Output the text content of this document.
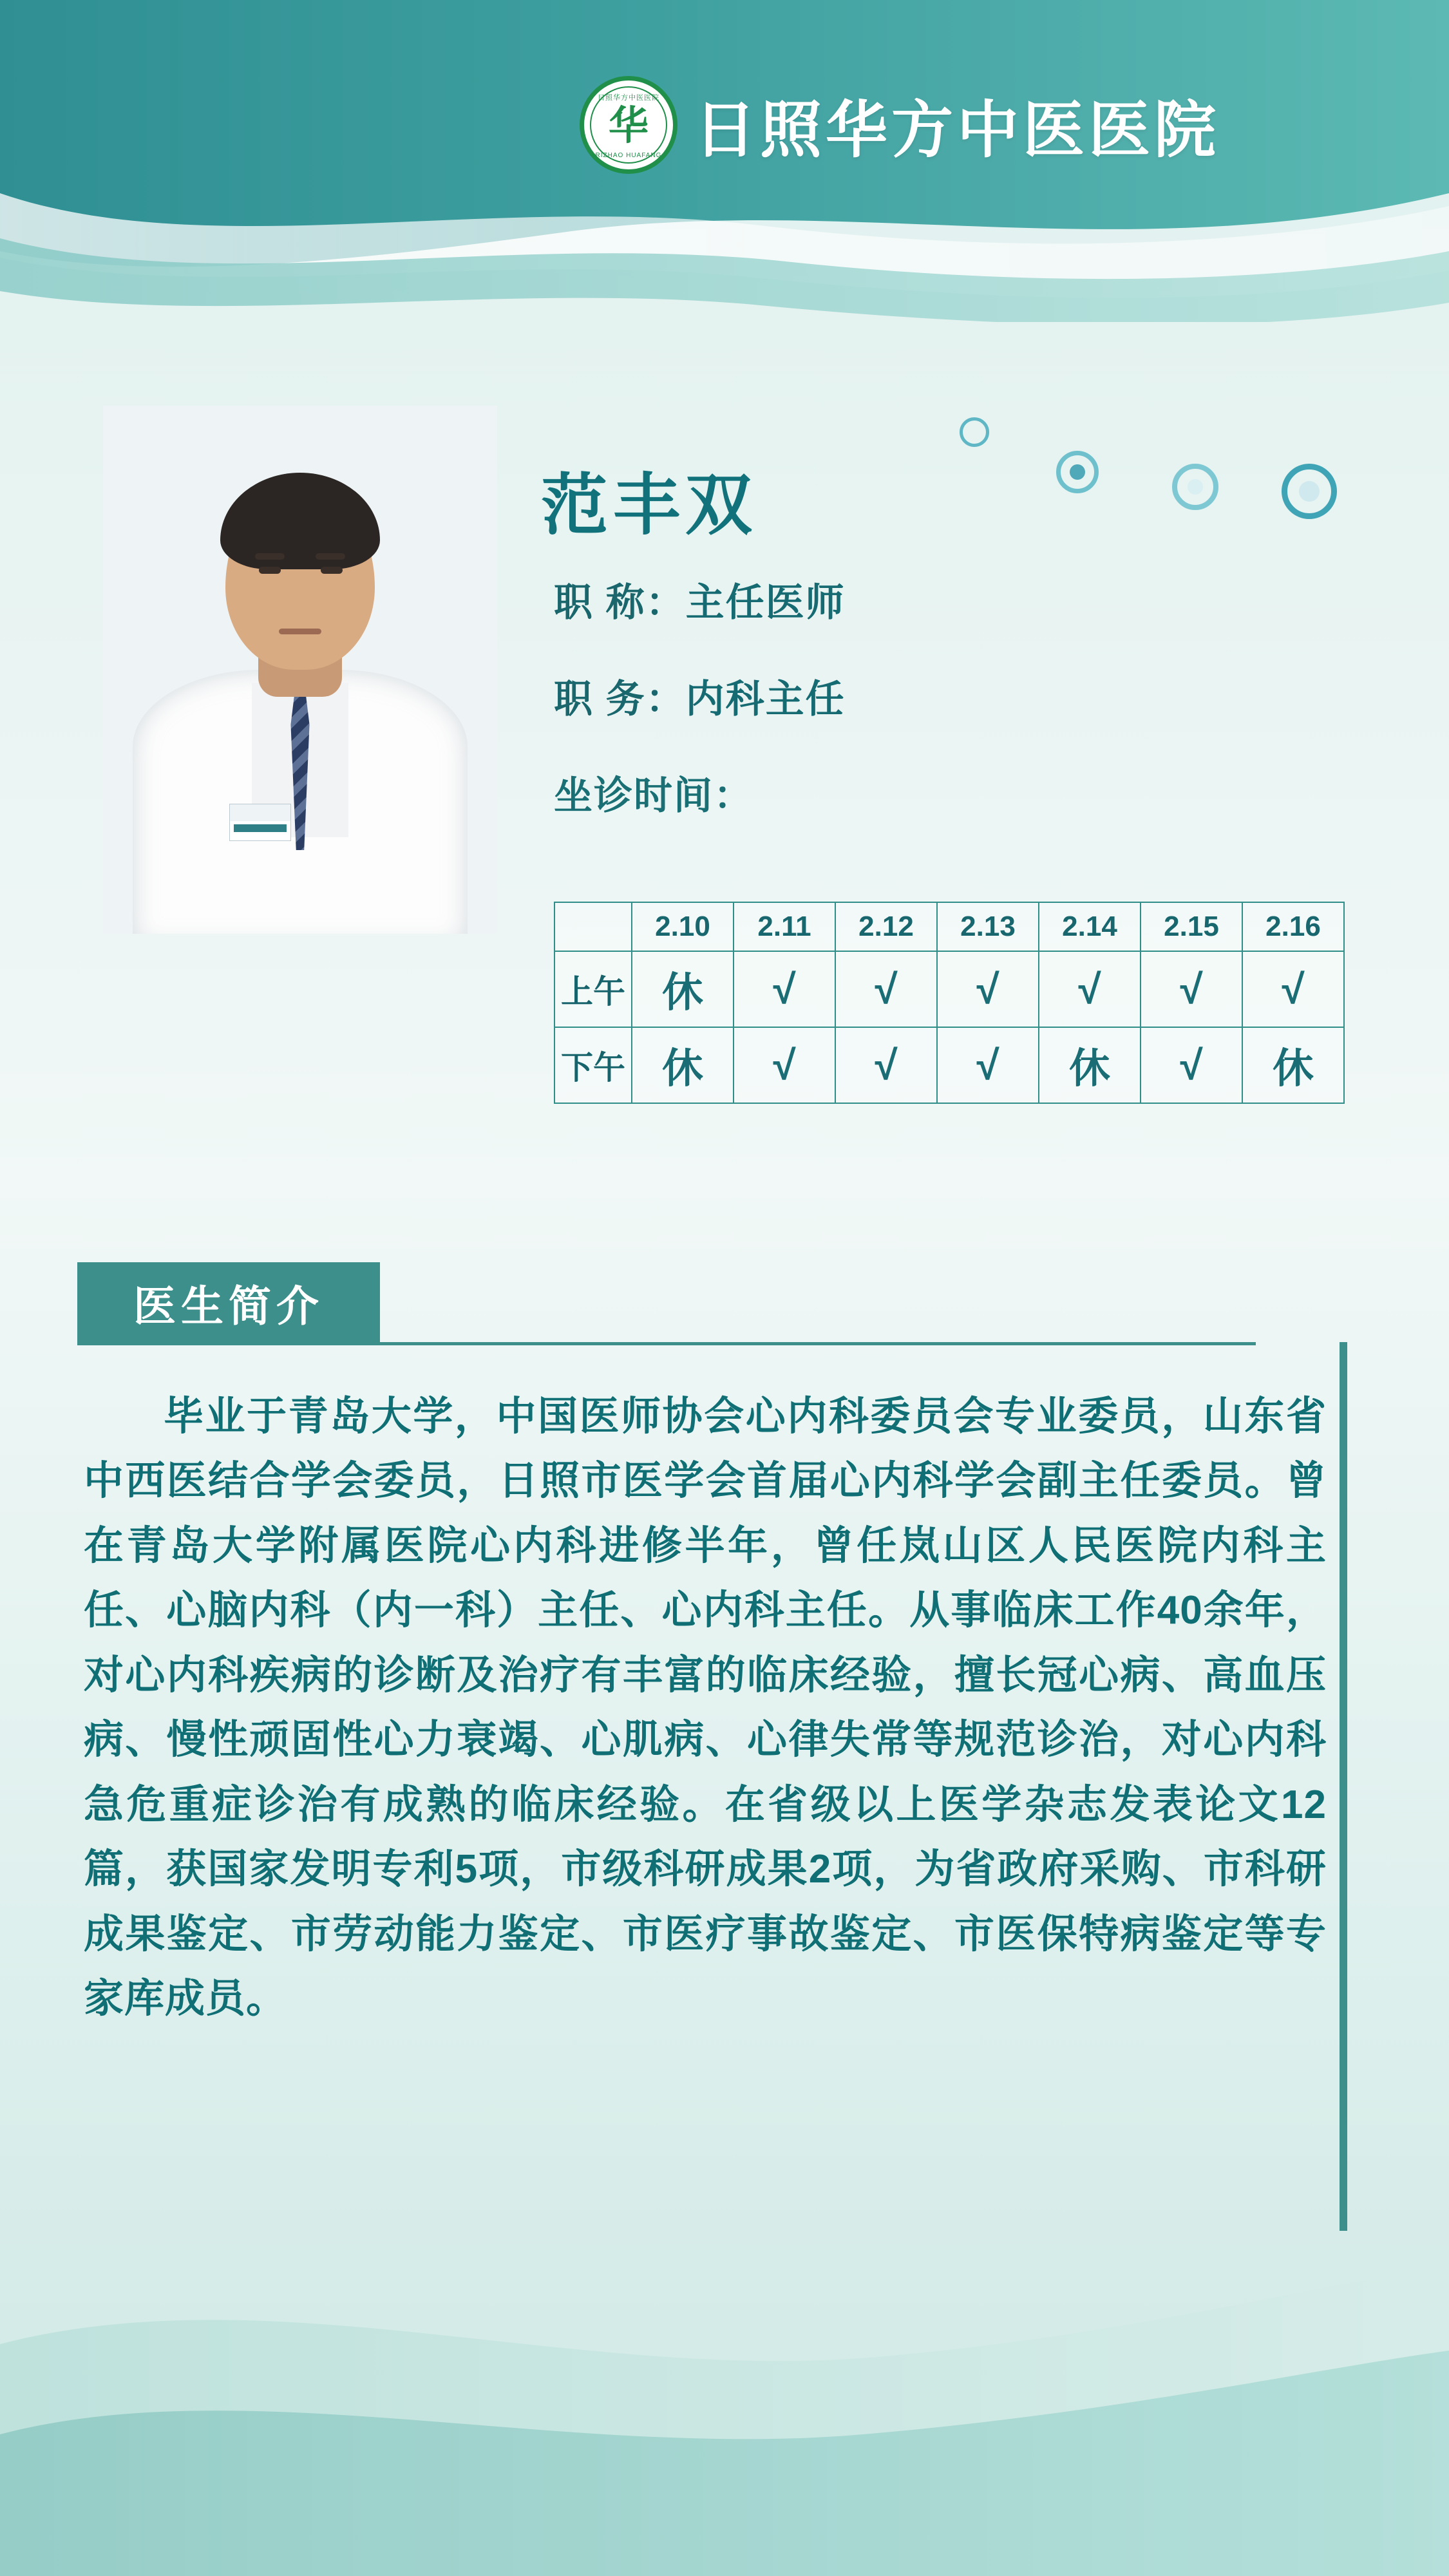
日照华方中医医院
华
RIZHAO HUAFANG 日照华方中医医院
范丰双
职 称：主任医师
职 务：内科主任
坐诊时间：
	2.10	2.11	2.12	2.13	2.14	2.15	2.16
上午	休	√	√	√	√	√	√
下午	休	√	√	√	休	√	休
医生简介
毕业于青岛大学，中国医师协会心内科委员会专业委员，山东省中西医结合学会委员，日照市医学会首届心内科学会副主任委员。曾在青岛大学附属医院心内科进修半年，曾任岚山区人民医院内科主任、心脑内科（内一科）主任、心内科主任。从事临床工作40余年，对心内科疾病的诊断及治疗有丰富的临床经验，擅长冠心病、高血压病、慢性顽固性心力衰竭、心肌病、心律失常等规范诊治，对心内科急危重症诊治有成熟的临床经验。在省级以上医学杂志发表论文12篇，获国家发明专利5项，市级科研成果2项，为省政府采购、市科研成果鉴定、市劳动能力鉴定、市医疗事故鉴定、市医保特病鉴定等专家库成员。
